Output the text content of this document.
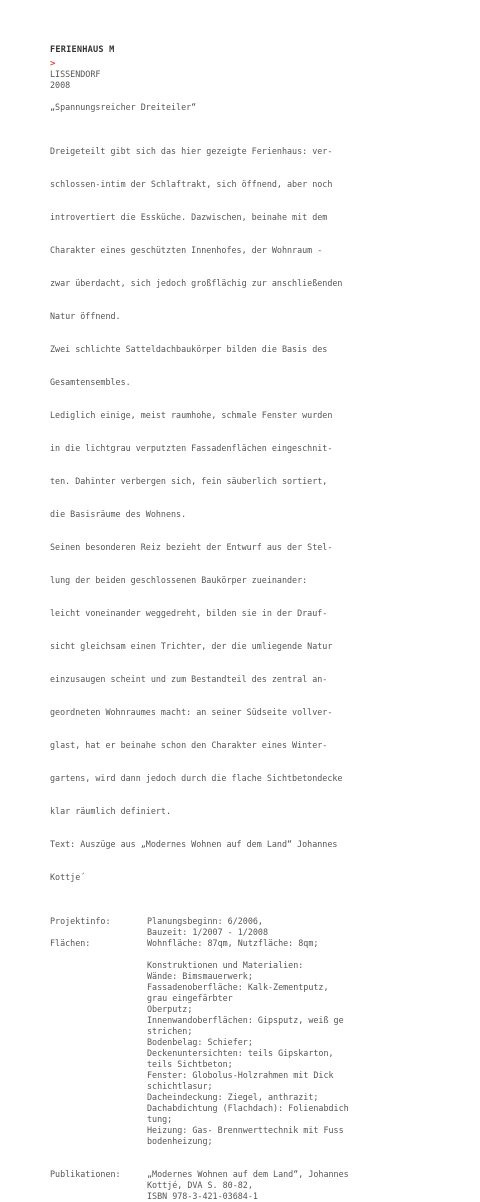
FERIENHAUS M
>
LISSENDORF
2008
„Spannungsreicher Dreiteiler“

Dreigeteilt gibt sich das hier gezeigte Ferienhaus: ver-

schlossen-intim der Schlaftrakt, sich öffnend, aber noch

introvertiert die Essküche. Dazwischen, beinahe mit dem

Charakter eines geschützten Innenhofes, der Wohnraum -

zwar überdacht, sich jedoch großflächig zur anschließenden

Natur öffnend.

Zwei schlichte Satteldachbaukörper bilden die Basis des

Gesamtensembles.

Lediglich einige, meist raumhohe, schmale Fenster wurden

in die lichtgrau verputzten Fassadenflächen eingeschnit-

ten. Dahinter verbergen sich, fein säuberlich sortiert,

die Basisräume des Wohnens.

Seinen besonderen Reiz bezieht der Entwurf aus der Stel-

lung der beiden geschlossenen Baukörper zueinander:

leicht voneinander weggedreht, bilden sie in der Drauf-

sicht gleichsam einen Trichter, der die umliegende Natur

einzusaugen scheint und zum Bestandteil des zentral an-

geordneten Wohnraumes macht: an seiner Südseite vollver-

glast, hat er beinahe schon den Charakter eines Winter-

gartens, wird dann jedoch durch die flache Sichtbetondecke

klar räumlich definiert.

Text: Auszüge aus „Modernes Wohnen auf dem Land“ Johannes

Kottje´

Projektinfo:	Planungsbeginn: 6/2006,
Bauzeit: 1/2007 - 1/2008
Flächen:	Wohnfläche: 87qm, Nutzfläche: 8qm;
Konstruktionen und Materialien:
Wände: Bimsmauerwerk;
Fassadenoberfläche: Kalk-Zementputz,
grau eingefärbter
Oberputz;
Innenwandoberflächen: Gipsputz, weiß ge
strichen;
Bodenbelag: Schiefer;
Deckenuntersichten: teils Gipskarton,
teils Sichtbeton;
Fenster: Globolus-Holzrahmen mit Dick
schichtlasur;
Dacheindeckung: Ziegel, anthrazit;
Dachabdichtung (Flachdach): Folienabdich
tung;
Heizung: Gas- Brennwerttechnik mit Fuss
bodenheizung;
Publikationen:	„Modernes Wohnen auf dem Land“, Johannes
Kottjé, DVA S. 80-82,
ISBN 978-3-421-03684-1
